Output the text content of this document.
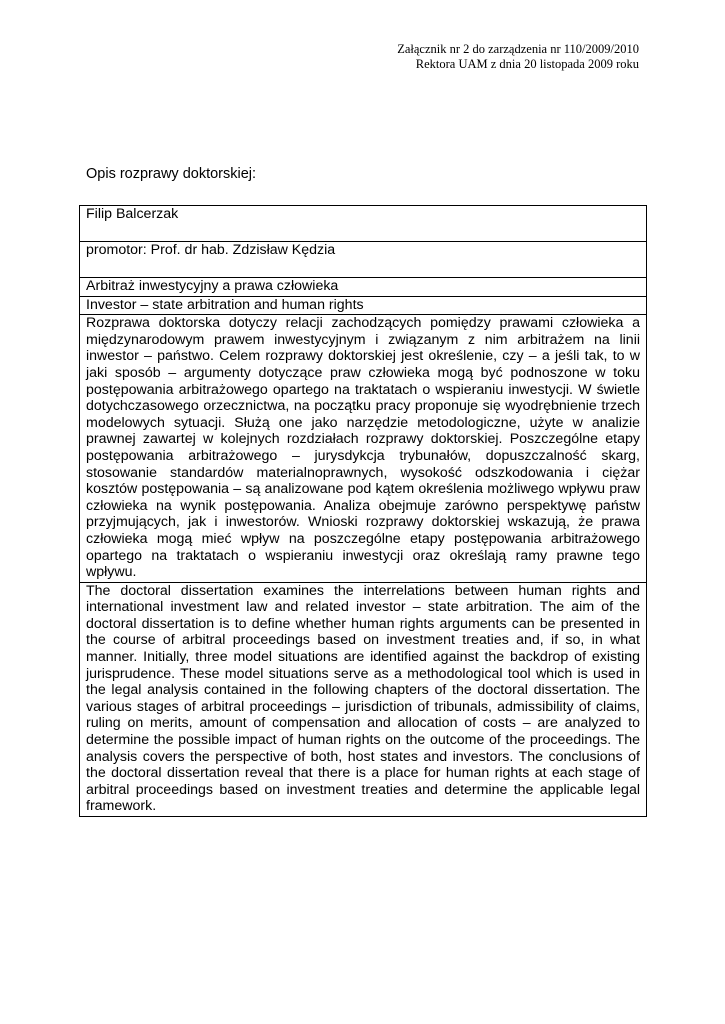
Załącznik nr 2 do zarządzenia nr 110/2009/2010
Rektora UAM z dnia 20 listopada 2009 roku
Opis rozprawy doktorskiej:
Filip Balcerzak
promotor: Prof. dr hab. Zdzisław Kędzia
Arbitraż inwestycyjny a prawa człowieka
Investor – state arbitration and human rights
Rozprawa doktorska dotyczy relacji zachodzących pomiędzy prawami człowieka a międzynarodowym prawem inwestycyjnym i związanym z nim arbitrażem na linii inwestor – państwo. Celem rozprawy doktorskiej jest określenie, czy – a jeśli tak, to w jaki sposób – argumenty dotyczące praw człowieka mogą być podnoszone w toku postępowania arbitrażowego opartego na traktatach o wspieraniu inwestycji. W świetle dotychczasowego orzecznictwa, na początku pracy proponuje się wyodrębnienie trzech modelowych sytuacji. Służą one jako narzędzie metodologiczne, użyte w analizie prawnej zawartej w kolejnych rozdziałach rozprawy doktorskiej. Poszczególne etapy postępowania arbitrażowego – jurysdykcja trybunałów, dopuszczalność skarg, stosowanie standardów materialnoprawnych, wysokość odszkodowania i ciężar kosztów postępowania – są analizowane pod kątem określenia możliwego wpływu praw człowieka na wynik postępowania. Analiza obejmuje zarówno perspektywę państw przyjmujących, jak i inwestorów. Wnioski rozprawy doktorskiej wskazują, że prawa człowieka mogą mieć wpływ na poszczególne etapy postępowania arbitrażowego opartego na traktatach o wspieraniu inwestycji oraz określają ramy prawne tego wpływu.
The doctoral dissertation examines the interrelations between human rights and international investment law and related investor – state arbitration. The aim of the doctoral dissertation is to define whether human rights arguments can be presented in the course of arbitral proceedings based on investment treaties and, if so, in what manner. Initially, three model situations are identified against the backdrop of existing jurisprudence. These model situations serve as a methodological tool which is used in the legal analysis contained in the following chapters of the doctoral dissertation. The various stages of arbitral proceedings – jurisdiction of tribunals, admissibility of claims, ruling on merits, amount of compensation and allocation of costs – are analyzed to determine the possible impact of human rights on the outcome of the proceedings. The analysis covers the perspective of both, host states and investors. The conclusions of the doctoral dissertation reveal that there is a place for human rights at each stage of arbitral proceedings based on investment treaties and determine the applicable legal framework.
